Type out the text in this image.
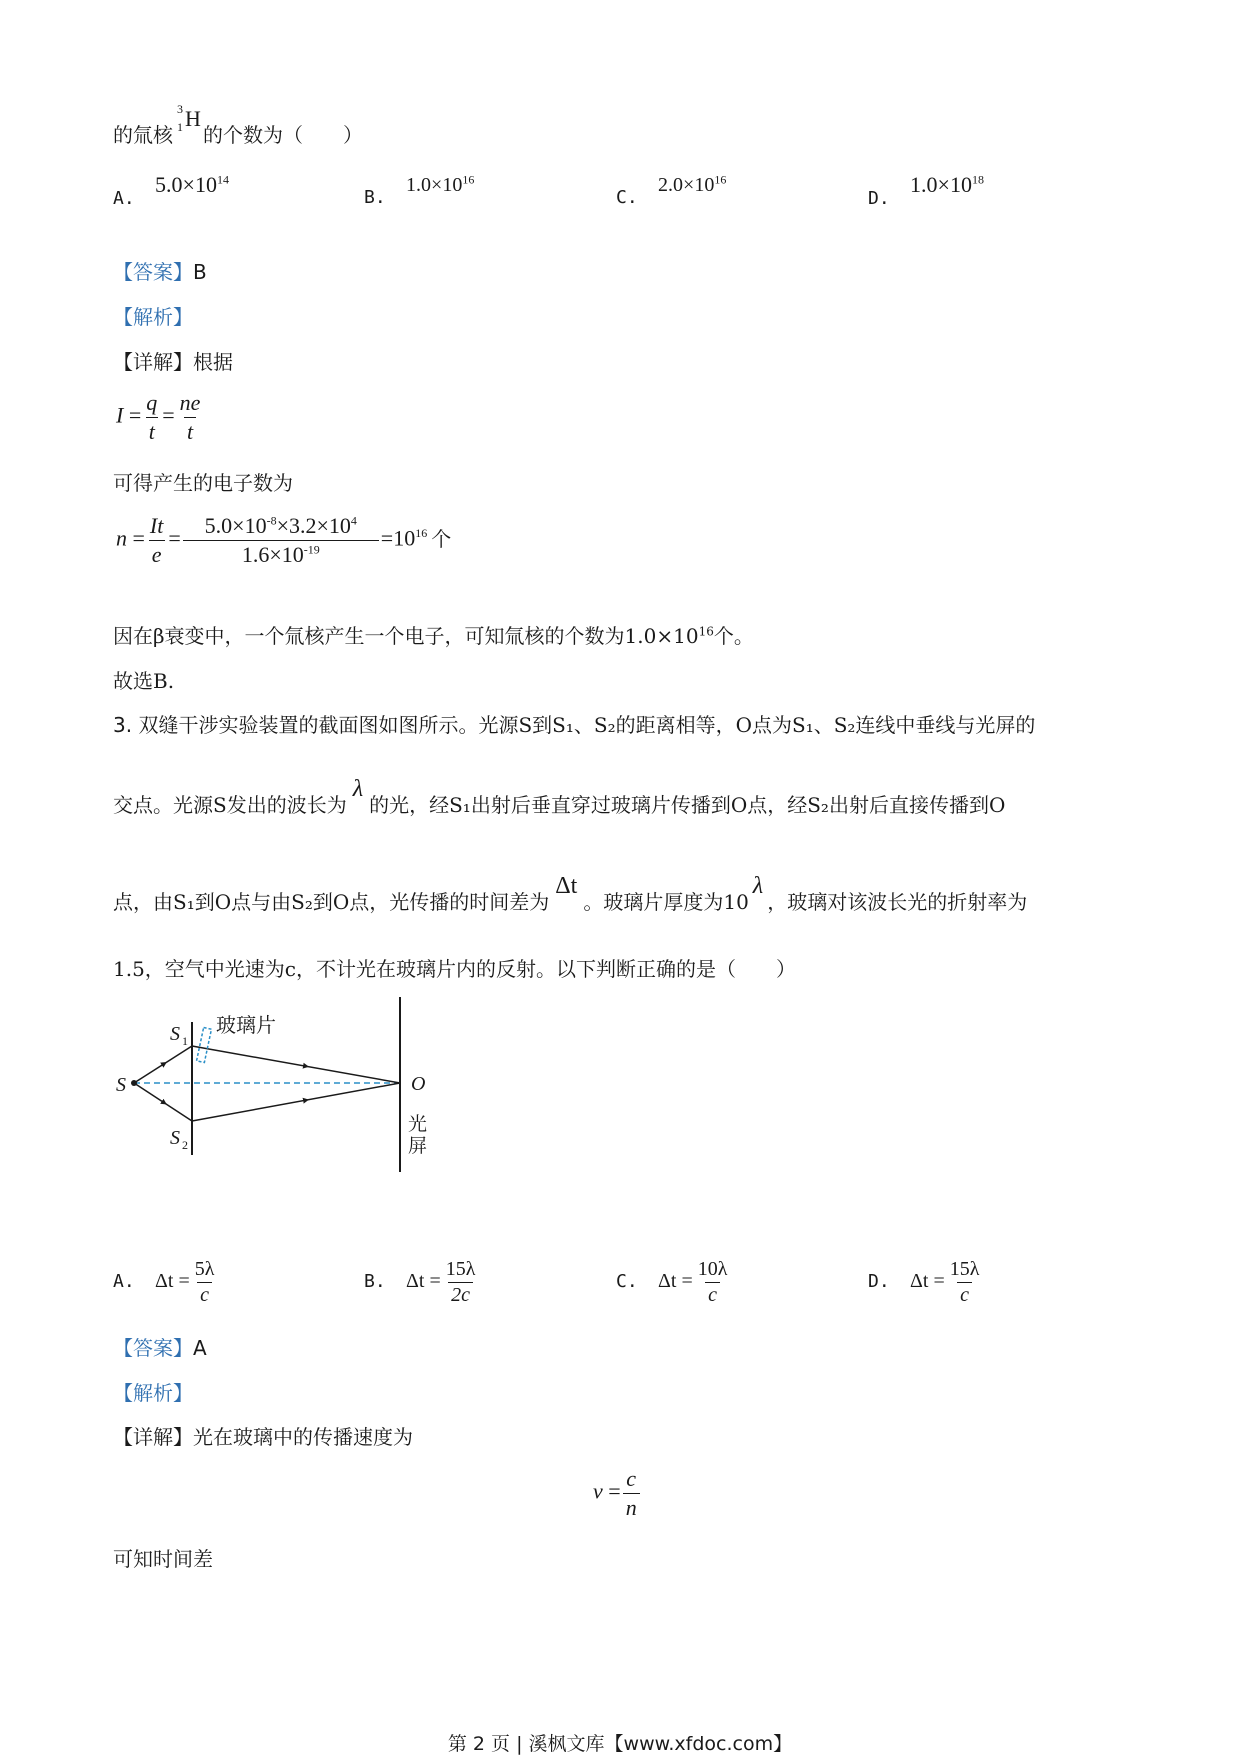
的氚核
3
1 H
的个数为（　　）
A. $5.0\times 10^{14}$
B. $1.0\times 10^{16}$
C. $2.0\times 10^{16}$
D. $1.0\times 10^{18}$
【答案】B
【解析】
【详解】根据
$I = \frac{q}{t} = \frac{ne}{t}$
可得产生的电子数为
$n = \frac{It}{e} = \frac{5.0\times 10^{-8}\times 3.2\times 10^4}{1.6\times 10^{-19}} =10^{16}$ 个
因在β衰变中，一个氚核产生一个电子，可知氚核的个数为$1.0\times 10^{16}$个。
故选B.
3. 双缝干涉实验装置的截面图如图所示。光源S到S₁、S₂的距离相等，O点为S₁、S₂连线中垂线与光屏的
交点。光源S发出的波长为λ的光，经S₁出射后垂直穿过玻璃片传播到O点，经S₂出射后直接传播到O
点，由S₁到O点与由S₂到O点，光传播的时间差为Δt。玻璃片厚度为10λ，玻璃对该波长光的折射率为
1.5，空气中光速为c，不计光在玻璃片内的反射。以下判断正确的是（　　）
S
S 1
S 2
玻璃片
O
光
屏
A. $\Delta t = \frac{5\lambda}{c}$	B. $\Delta t = \frac{15\lambda}{2c}$	C. $\Delta t = \frac{10\lambda}{c}$	D. $\Delta t = \frac{15\lambda}{c}$
【答案】A
【解析】
【详解】光在玻璃中的传播速度为
$v = \frac{c}{n}$
可知时间差
第 2 页 | 溪枫文库【www.xfdoc.com】
